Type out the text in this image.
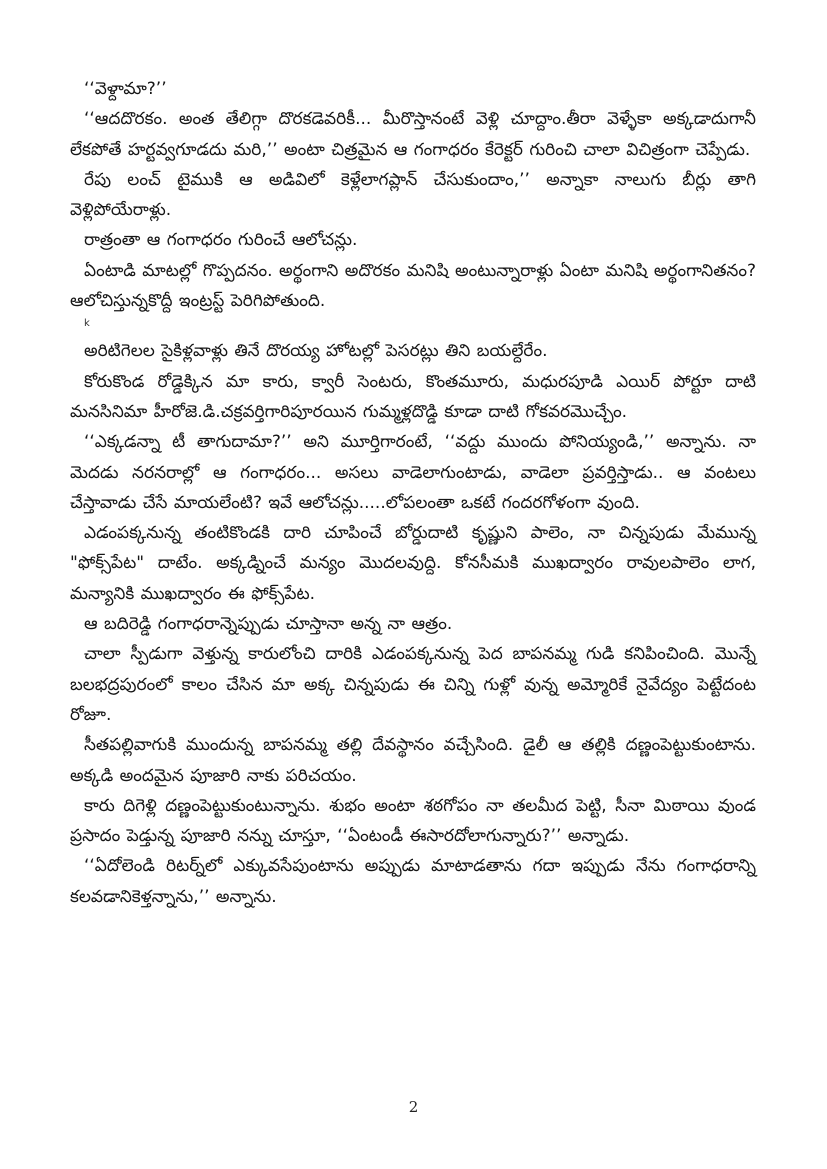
‘‘వెళ్దామా?’’

‘‘ఆదదొరకం. అంత తేలిగ్గా దొరకడెవరికీ... మీరొస్తానంటే వెళ్లి చూద్దాం.తీరా వెళ్ళేకా అక్కడాదుగానీ లేకపోతే హర్టవ్వగూడదు మరి,’’ అంటా చిత్రమైన ఆ గంగాధరం కేరెక్టర్ గురించి చాలా విచిత్రంగా చెప్పేడు.

రేపు లంచ్ టైముకి ఆ అడివిలో కెళ్లేలాగప్లాన్ చేసుకుందాం,’’ అన్నాకా నాలుగు బీర్లు తాగి వెళ్లిపోయేరాళ్లు.

రాత్రంతా ఆ గంగాధరం గురించే ఆలోచన్లు.

ఏంటాడి మాటల్లో గొప్పదనం. అర్థంగాని అదొరకం మనిషి అంటున్నారాళ్లు ఏంటా మనిషి అర్థంగానితనం? ఆలోచిస్తున్నకొద్దీ ఇంట్రస్ట్ పెరిగిపోతుంది.

k

అరిటిగెలల సైకిళ్లవాళ్లు తినే దొరయ్య హోటల్లో పెసరట్లు తిని బయల్దేరేం.

కోరుకొండ రోడ్డెక్కిన మా కారు, క్వారీ సెంటరు, కొంతమూరు, మధురపూడి ఎయిర్ పోర్టూ దాటి మనసినిమా హీరోజె.డి.చక్రవర్తిగారిపూరయిన గుమ్మళ్లదొడ్డి కూడా దాటి గోకవరమొచ్చేం.

‘‘ఎక్కడన్నా టీ తాగుదామా?’’ అని మూర్తిగారంటే, ‘‘వద్దు ముందు పోనియ్యండి,’’ అన్నాను. నా మెదడు నరనరాల్లో ఆ గంగాధరం... అసలు వాడెలాగుంటాడు, వాడెలా ప్రవర్తిస్తాడు.. ఆ వంటలు చేస్తావాడు చేసే మాయలేంటి? ఇవే ఆలోచన్లు.....లోపలంతా ఒకటే గందరగోళంగా వుంది.

ఎడంపక్కనున్న తంటికొండకి దారి చూపించే బోర్డుదాటి కృష్ణుని పాలెం, నా చిన్నపుడు మేమున్న "ఫోక్స్‌పేట" దాటేం. అక్కడ్నించే మన్యం మొదలవుద్ది. కోనసీమకి ముఖద్వారం రావులపాలెం లాగ, మన్యానికి ముఖద్వారం ఈ ఫోక్స్‌పేట.

ఆ బదిరెడ్డి గంగాధరాన్నెప్పుడు చూస్తానా అన్న నా ఆత్రం.

చాలా స్పీడుగా వెళ్తున్న కారులోంచి దారికి ఎడంపక్కనున్న పెద బాపనమ్మ గుడి కనిపించింది. మొన్నే బలభద్రపురంలో కాలం చేసిన మా అక్క చిన్నపుడు ఈ చిన్ని గుళ్లో వున్న అమ్మోరికే నైవేద్యం పెట్టేదంట రోజూ.

సీతపల్లివాగుకి ముందున్న బాపనమ్మ తల్లి దేవస్థానం వచ్చేసింది. డైలీ ఆ తల్లికి దణ్ణంపెట్టుకుంటాను. అక్కడి అందమైన పూజారి నాకు పరిచయం.

కారు దిగెళ్లి దణ్ణంపెట్టుకుంటున్నాను. శుభం అంటా శఠగోపం నా తలమీద పెట్టి, సీనా మిఠాయి వుండ ప్రసాదం పెడ్తున్న పూజారి నన్ను చూస్తూ, ‘‘ఏంటండీ ఈసారదోలాగున్నారు?’’ అన్నాడు.

‘‘ఏదోలెండి రిటర్న్‌లో ఎక్కువసేపుంటాను అప్పుడు మాటాడతాను గదా ఇప్పుడు నేను గంగాధరాన్ని కలవడానికెళ్తన్నాను,’’ అన్నాను.

2
